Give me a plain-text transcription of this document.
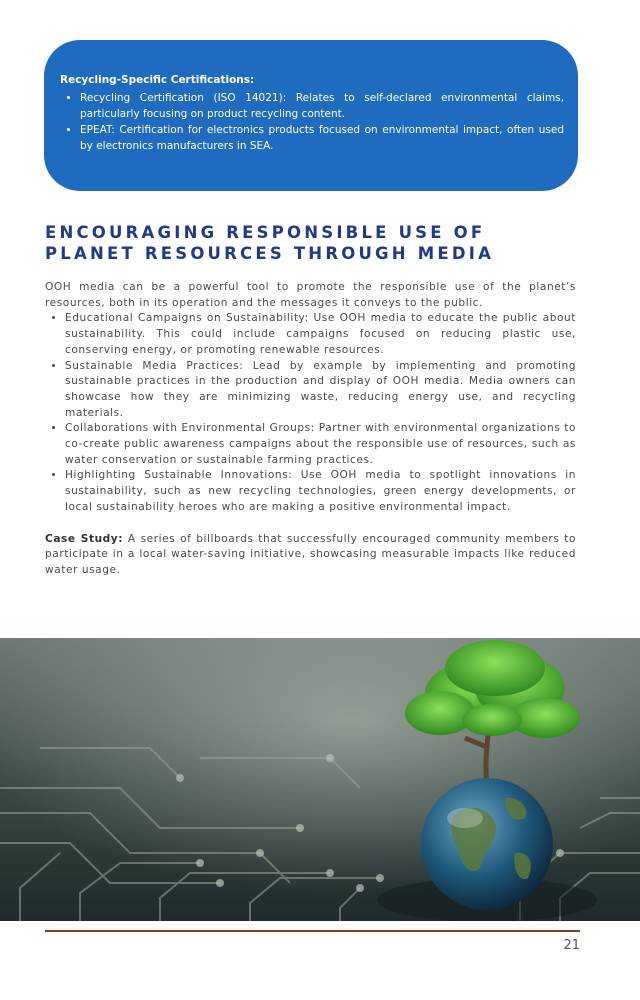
Recycling-Specific Certifications:

• Recycling Certification (ISO 14021): Relates to self-declared environmental claims, particularly focusing on product recycling content.
• EPEAT: Certification for electronics products focused on environmental impact, often used by electronics manufacturers in SEA.
ENCOURAGING RESPONSIBLE USE OF PLANET RESOURCES THROUGH MEDIA

OOH media can be a powerful tool to promote the responsible use of the planet’s resources, both in its operation and the messages it conveys to the public.

• Educational Campaigns on Sustainability: Use OOH media to educate the public about sustainability. This could include campaigns focused on reducing plastic use, conserving energy, or promoting renewable resources.
• Sustainable Media Practices: Lead by example by implementing and promoting sustainable practices in the production and display of OOH media. Media owners can showcase how they are minimizing waste, reducing energy use, and recycling materials.
• Collaborations with Environmental Groups: Partner with environmental organizations to co-create public awareness campaigns about the responsible use of resources, such as water conservation or sustainable farming practices.
• Highlighting Sustainable Innovations: Use OOH media to spotlight innovations in sustainability, such as new recycling technologies, green energy developments, or local sustainability heroes who are making a positive environmental impact.

Case Study: A series of billboards that successfully encouraged community members to participate in a local water-saving initiative, showcasing measurable impacts like reduced water usage.

21
